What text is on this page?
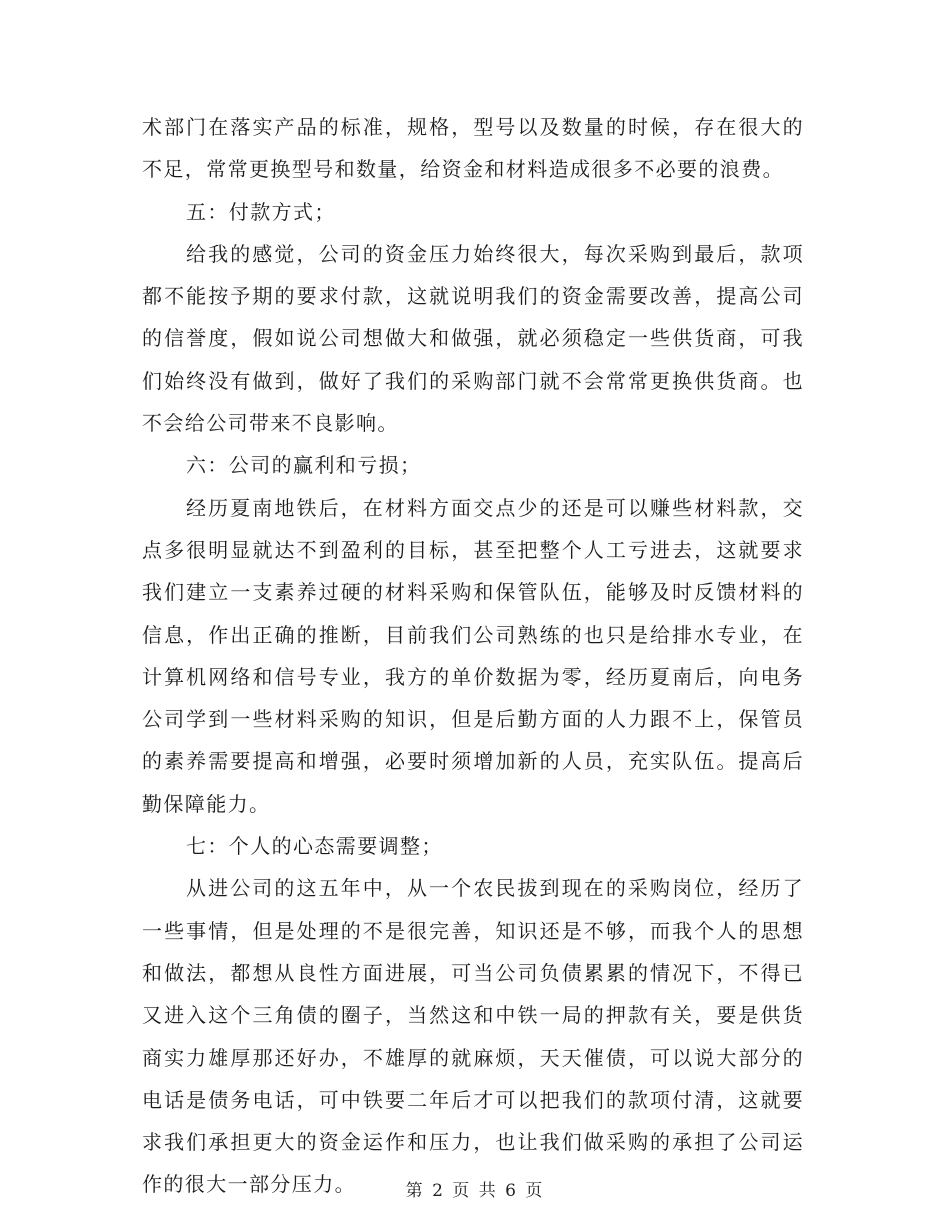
术部门在落实产品的标准，规格，型号以及数量的时候，存在很大的
不足，常常更换型号和数量，给资金和材料造成很多不必要的浪费。
五：付款方式；
给我的感觉，公司的资金压力始终很大，每次采购到最后，款项
都不能按予期的要求付款，这就说明我们的资金需要改善，提高公司
的信誉度，假如说公司想做大和做强，就必须稳定一些供货商，可我
们始终没有做到，做好了我们的采购部门就不会常常更换供货商。也
不会给公司带来不良影响。
六：公司的赢利和亏损；
经历夏南地铁后，在材料方面交点少的还是可以赚些材料款，交
点多很明显就达不到盈利的目标，甚至把整个人工亏进去，这就要求
我们建立一支素养过硬的材料采购和保管队伍，能够及时反馈材料的
信息，作出正确的推断，目前我们公司熟练的也只是给排水专业，在
计算机网络和信号专业，我方的单价数据为零，经历夏南后，向电务
公司学到一些材料采购的知识，但是后勤方面的人力跟不上，保管员
的素养需要提高和增强，必要时须增加新的人员，充实队伍。提高后
勤保障能力。
七：个人的心态需要调整；
从进公司的这五年中，从一个农民拔到现在的采购岗位，经历了
一些事情，但是处理的不是很完善，知识还是不够，而我个人的思想
和做法，都想从良性方面进展，可当公司负债累累的情况下，不得已
又进入这个三角债的圈子，当然这和中铁一局的押款有关，要是供货
商实力雄厚那还好办，不雄厚的就麻烦，天天催债，可以说大部分的
电话是债务电话，可中铁要二年后才可以把我们的款项付清，这就要
求我们承担更大的资金运作和压力，也让我们做采购的承担了公司运
作的很大一部分压力。	第 2 页 共 6 页
